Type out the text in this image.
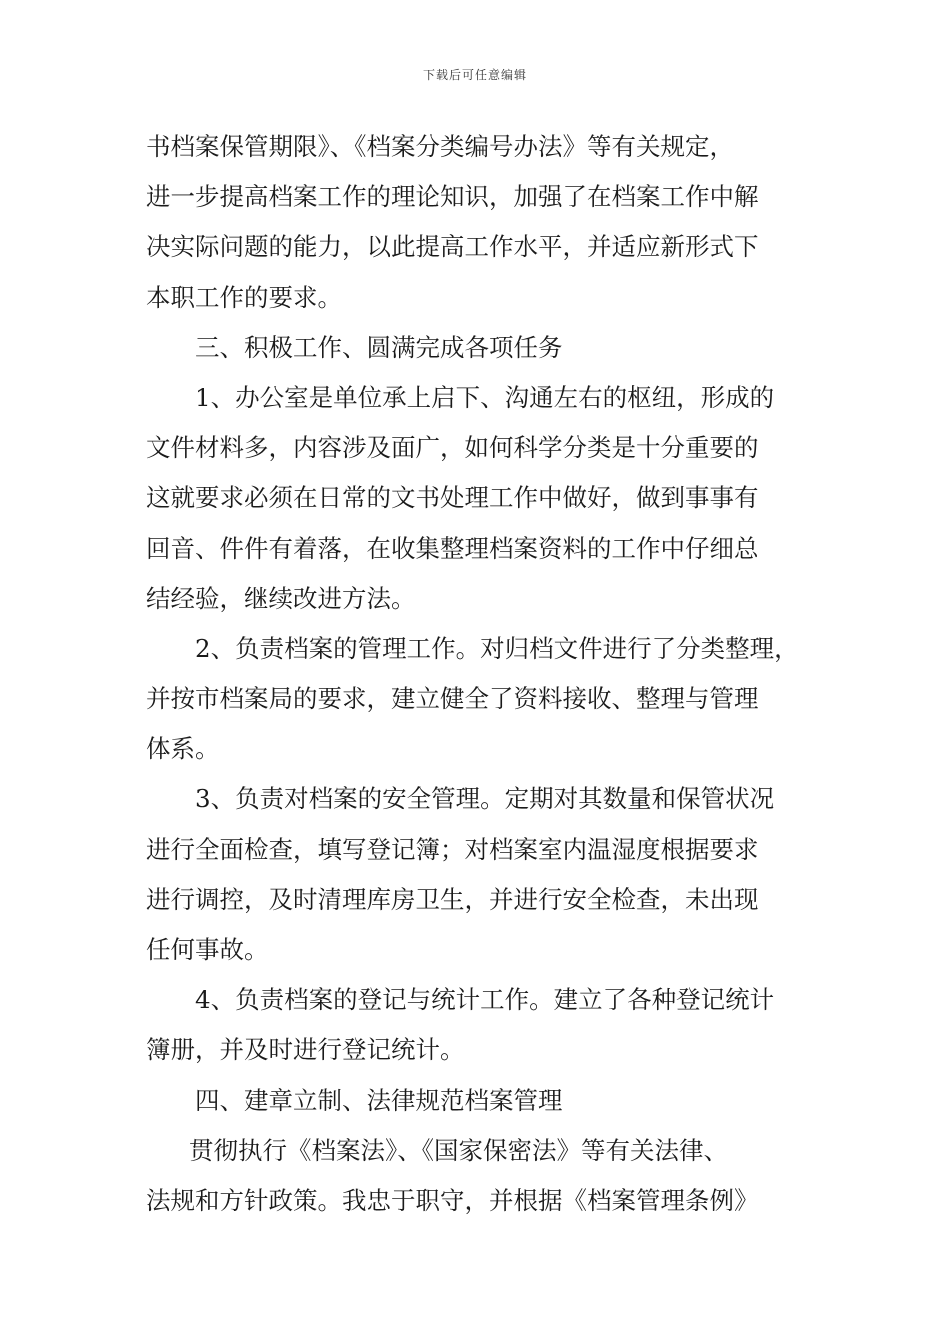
下载后可任意编辑
书档案保管期限》、《档案分类编号办法》等有关规定，
进一步提高档案工作的理论知识，加强了在档案工作中解
决实际问题的能力，以此提高工作水平，并适应新形式下
本职工作的要求。
三、积极工作、圆满完成各项任务
1、办公室是单位承上启下、沟通左右的枢纽，形成的
文件材料多，内容涉及面广，如何科学分类是十分重要的
这就要求必须在日常的文书处理工作中做好，做到事事有
回音、件件有着落，在收集整理档案资料的工作中仔细总
结经验，继续改进方法。
2、负责档案的管理工作。对归档文件进行了分类整理，
并按市档案局的要求，建立健全了资料接收、整理与管理
体系。
3、负责对档案的安全管理。定期对其数量和保管状况
进行全面检查，填写登记簿；对档案室内温湿度根据要求
进行调控，及时清理库房卫生，并进行安全检查，未出现
任何事故。
4、负责档案的登记与统计工作。建立了各种登记统计
簿册，并及时进行登记统计。
四、建章立制、法律规范档案管理
贯彻执行《档案法》、《国家保密法》等有关法律、
法规和方针政策。我忠于职守，并根据《档案管理条例》
